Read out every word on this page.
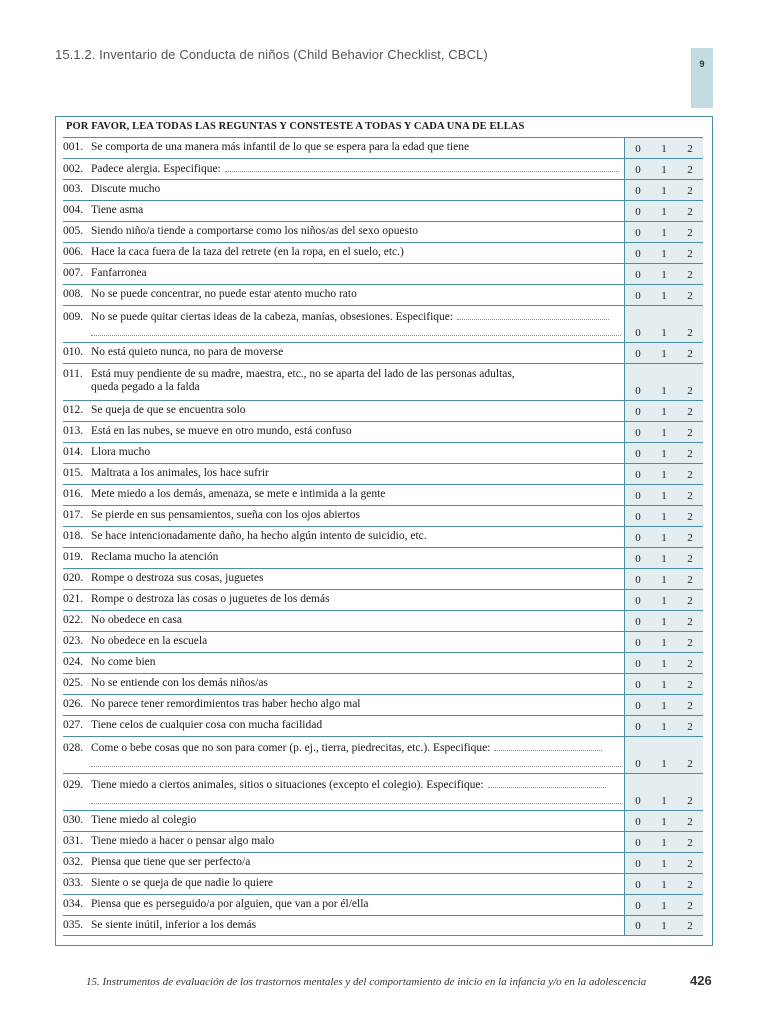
15.1.2. Inventario de Conducta de niños (Child Behavior Checklist, CBCL)
9
POR FAVOR, LEA TODAS LAS REGUNTAS Y CONSTESTE A TODAS Y CADA UNA DE ELLAS
001. Se comporta de una manera más infantil de lo que se espera para la edad que tiene	0	1	2
002. Padece alergia. Especifique:	0	1	2
003. Discute mucho	0	1	2
004. Tiene asma	0	1	2
005. Siendo niño/a tiende a comportarse como los niños/as del sexo opuesto	0	1	2
006. Hace la caca fuera de la taza del retrete (en la ropa, en el suelo, etc.)	0	1	2
007. Fanfarronea	0	1	2
008. No se puede concentrar, no puede estar atento mucho rato	0	1	2
009. No se puede quitar ciertas ideas de la cabeza, manías, obsesiones. Especifique:
0	1	2
010. No está quieto nunca, no para de moverse	0	1	2
011. Está muy pendiente de su madre, maestra, etc., no se aparta del lado de las personas adultas,
queda pegado a la falda	0	1	2
012. Se queja de que se encuentra solo	0	1	2
013. Está en las nubes, se mueve en otro mundo, está confuso	0	1	2
014. Llora mucho	0	1	2
015. Maltrata a los animales, los hace sufrir	0	1	2
016. Mete miedo a los demás, amenaza, se mete e intimida a la gente	0	1	2
017. Se pierde en sus pensamientos, sueña con los ojos abiertos	0	1	2
018. Se hace intencionadamente daño, ha hecho algún intento de suicidio, etc.	0	1	2
019. Reclama mucho la atención	0	1	2
020. Rompe o destroza sus cosas, juguetes	0	1	2
021. Rompe o destroza las cosas o juguetes de los demás	0	1	2
022. No obedece en casa	0	1	2
023. No obedece en la escuela	0	1	2
024. No come bien	0	1	2
025. No se entiende con los demás niños/as	0	1	2
026. No parece tener remordimientos tras haber hecho algo mal	0	1	2
027. Tiene celos de cualquier cosa con mucha facilidad	0	1	2
028. Come o bebe cosas que no son para comer (p. ej., tierra, piedrecitas, etc.). Especifique:
0	1	2
029. Tiene miedo a ciertos animales, sitios o situaciones (excepto el colegio). Especifique:
0	1	2
030. Tiene miedo al colegio	0	1	2
031. Tiene miedo a hacer o pensar algo malo	0	1	2
032. Piensa que tiene que ser perfecto/a	0	1	2
033. Siente o se queja de que nadie lo quiere	0	1	2
034. Piensa que es perseguido/a por alguien, que van a por él/ella	0	1	2
035. Se siente inútil, inferior a los demás	0	1	2
15. Instrumentos de evaluación de los trastornos mentales y del comportamiento de inicio en la infancia y/o en la adolescencia	426
